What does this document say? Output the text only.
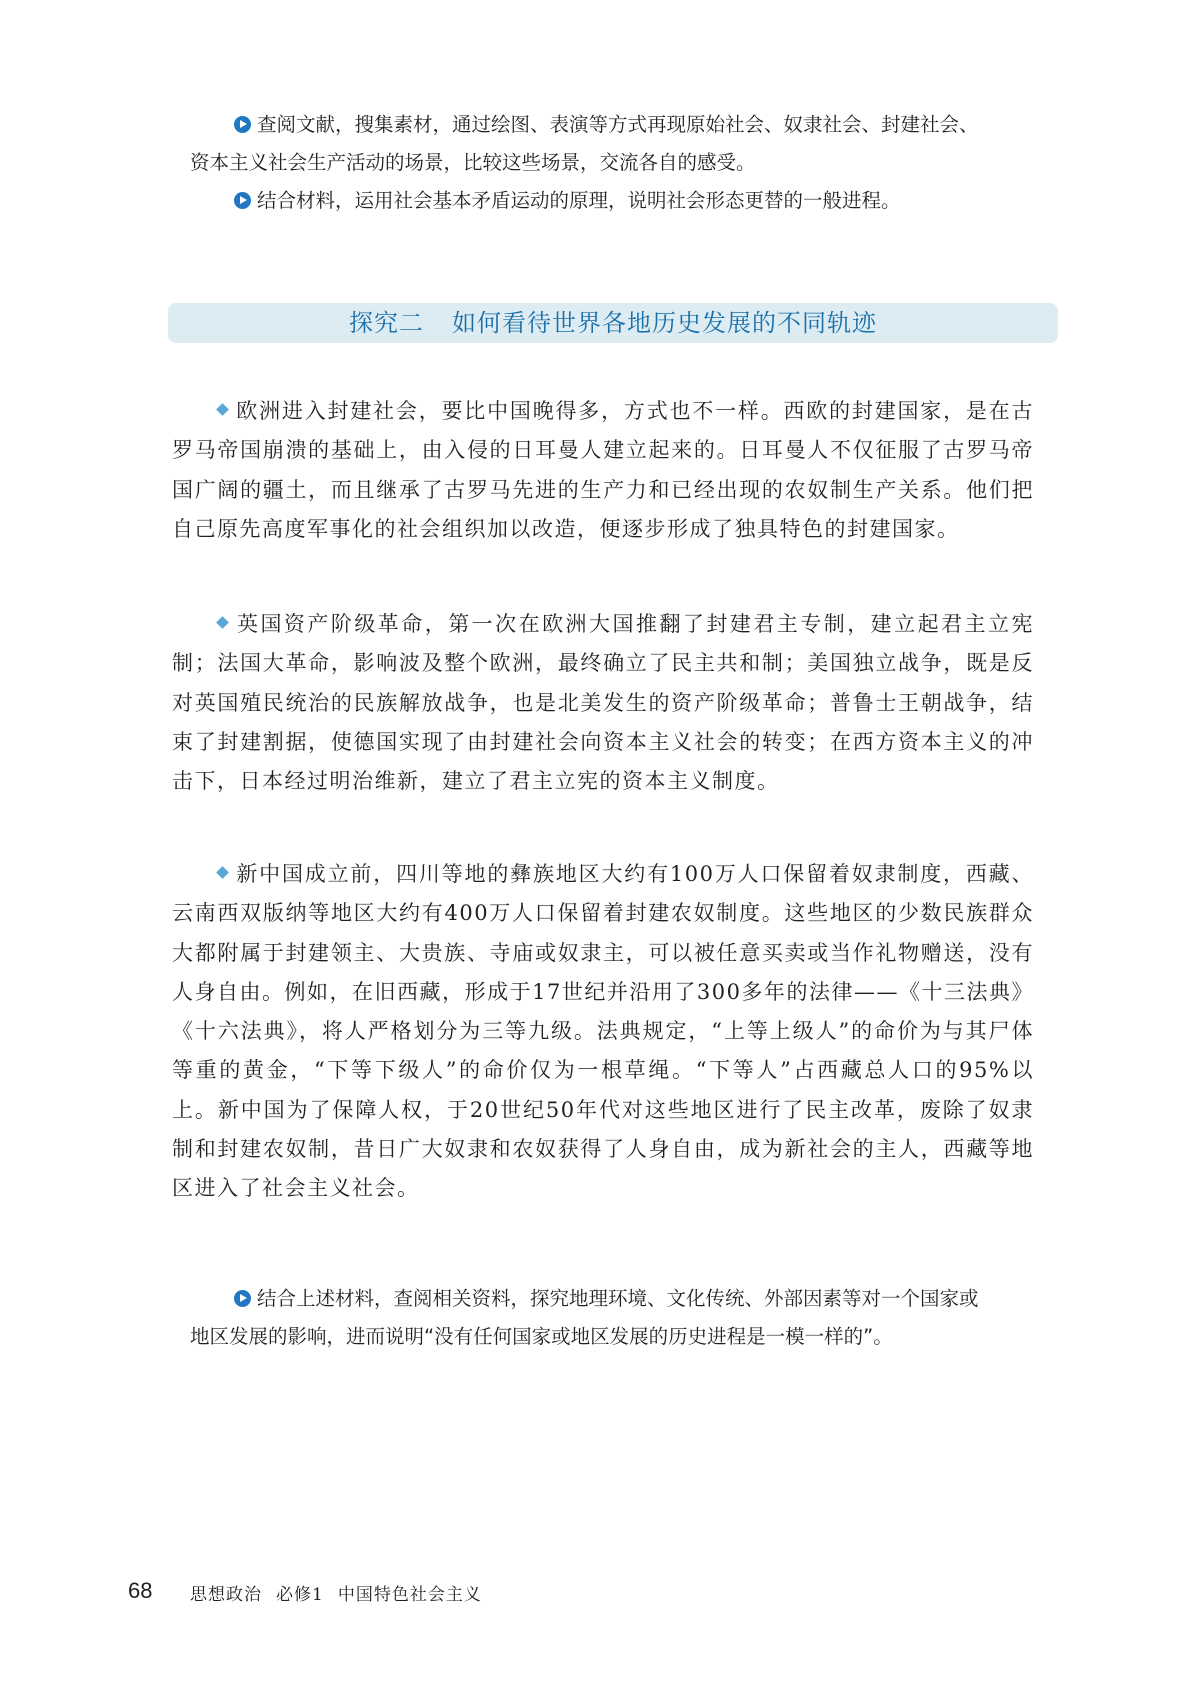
查阅文献，搜集素材，通过绘图、表演等方式再现原始社会、奴隶社会、封建社会、
资本主义社会生产活动的场景，比较这些场景，交流各自的感受。
结合材料，运用社会基本矛盾运动的原理，说明社会形态更替的一般进程。
探究二 如何看待世界各地历史发展的不同轨迹

欧洲进入封建社会，要比中国晚得多，方式也不一样。西欧的封建国家，是在古罗马帝国崩溃的基础上，由入侵的日耳曼人建立起来的。日耳曼人不仅征服了古罗马帝国广阔的疆土，而且继承了古罗马先进的生产力和已经出现的农奴制生产关系。他们把自己原先高度军事化的社会组织加以改造，便逐步形成了独具特色的封建国家。

英国资产阶级革命，第一次在欧洲大国推翻了封建君主专制，建立起君主立宪制；法国大革命，影响波及整个欧洲，最终确立了民主共和制；美国独立战争，既是反对英国殖民统治的民族解放战争，也是北美发生的资产阶级革命；普鲁士王朝战争，结束了封建割据，使德国实现了由封建社会向资本主义社会的转变；在西方资本主义的冲击下，日本经过明治维新，建立了君主立宪的资本主义制度。

新中国成立前，四川等地的彝族地区大约有100万人口保留着奴隶制度，西藏、云南西双版纳等地区大约有400万人口保留着封建农奴制度。这些地区的少数民族群众大都附属于封建领主、大贵族、寺庙或奴隶主，可以被任意买卖或当作礼物赠送，没有人身自由。例如，在旧西藏，形成于17世纪并沿用了300多年的法律——《十三法典》《十六法典》，将人严格划分为三等九级。法典规定，“上等上级人”的命价为与其尸体等重的黄金，“下等下级人”的命价仅为一根草绳。“下等人”占西藏总人口的95%以上。新中国为了保障人权，于20世纪50年代对这些地区进行了民主改革，废除了奴隶制和封建农奴制，昔日广大奴隶和农奴获得了人身自由，成为新社会的主人，西藏等地区进入了社会主义社会。

结合上述材料，查阅相关资料，探究地理环境、文化传统、外部因素等对一个国家或
地区发展的影响，进而说明“没有任何国家或地区发展的历史进程是一模一样的”。
68 思想政治 必修1 中国特色社会主义
